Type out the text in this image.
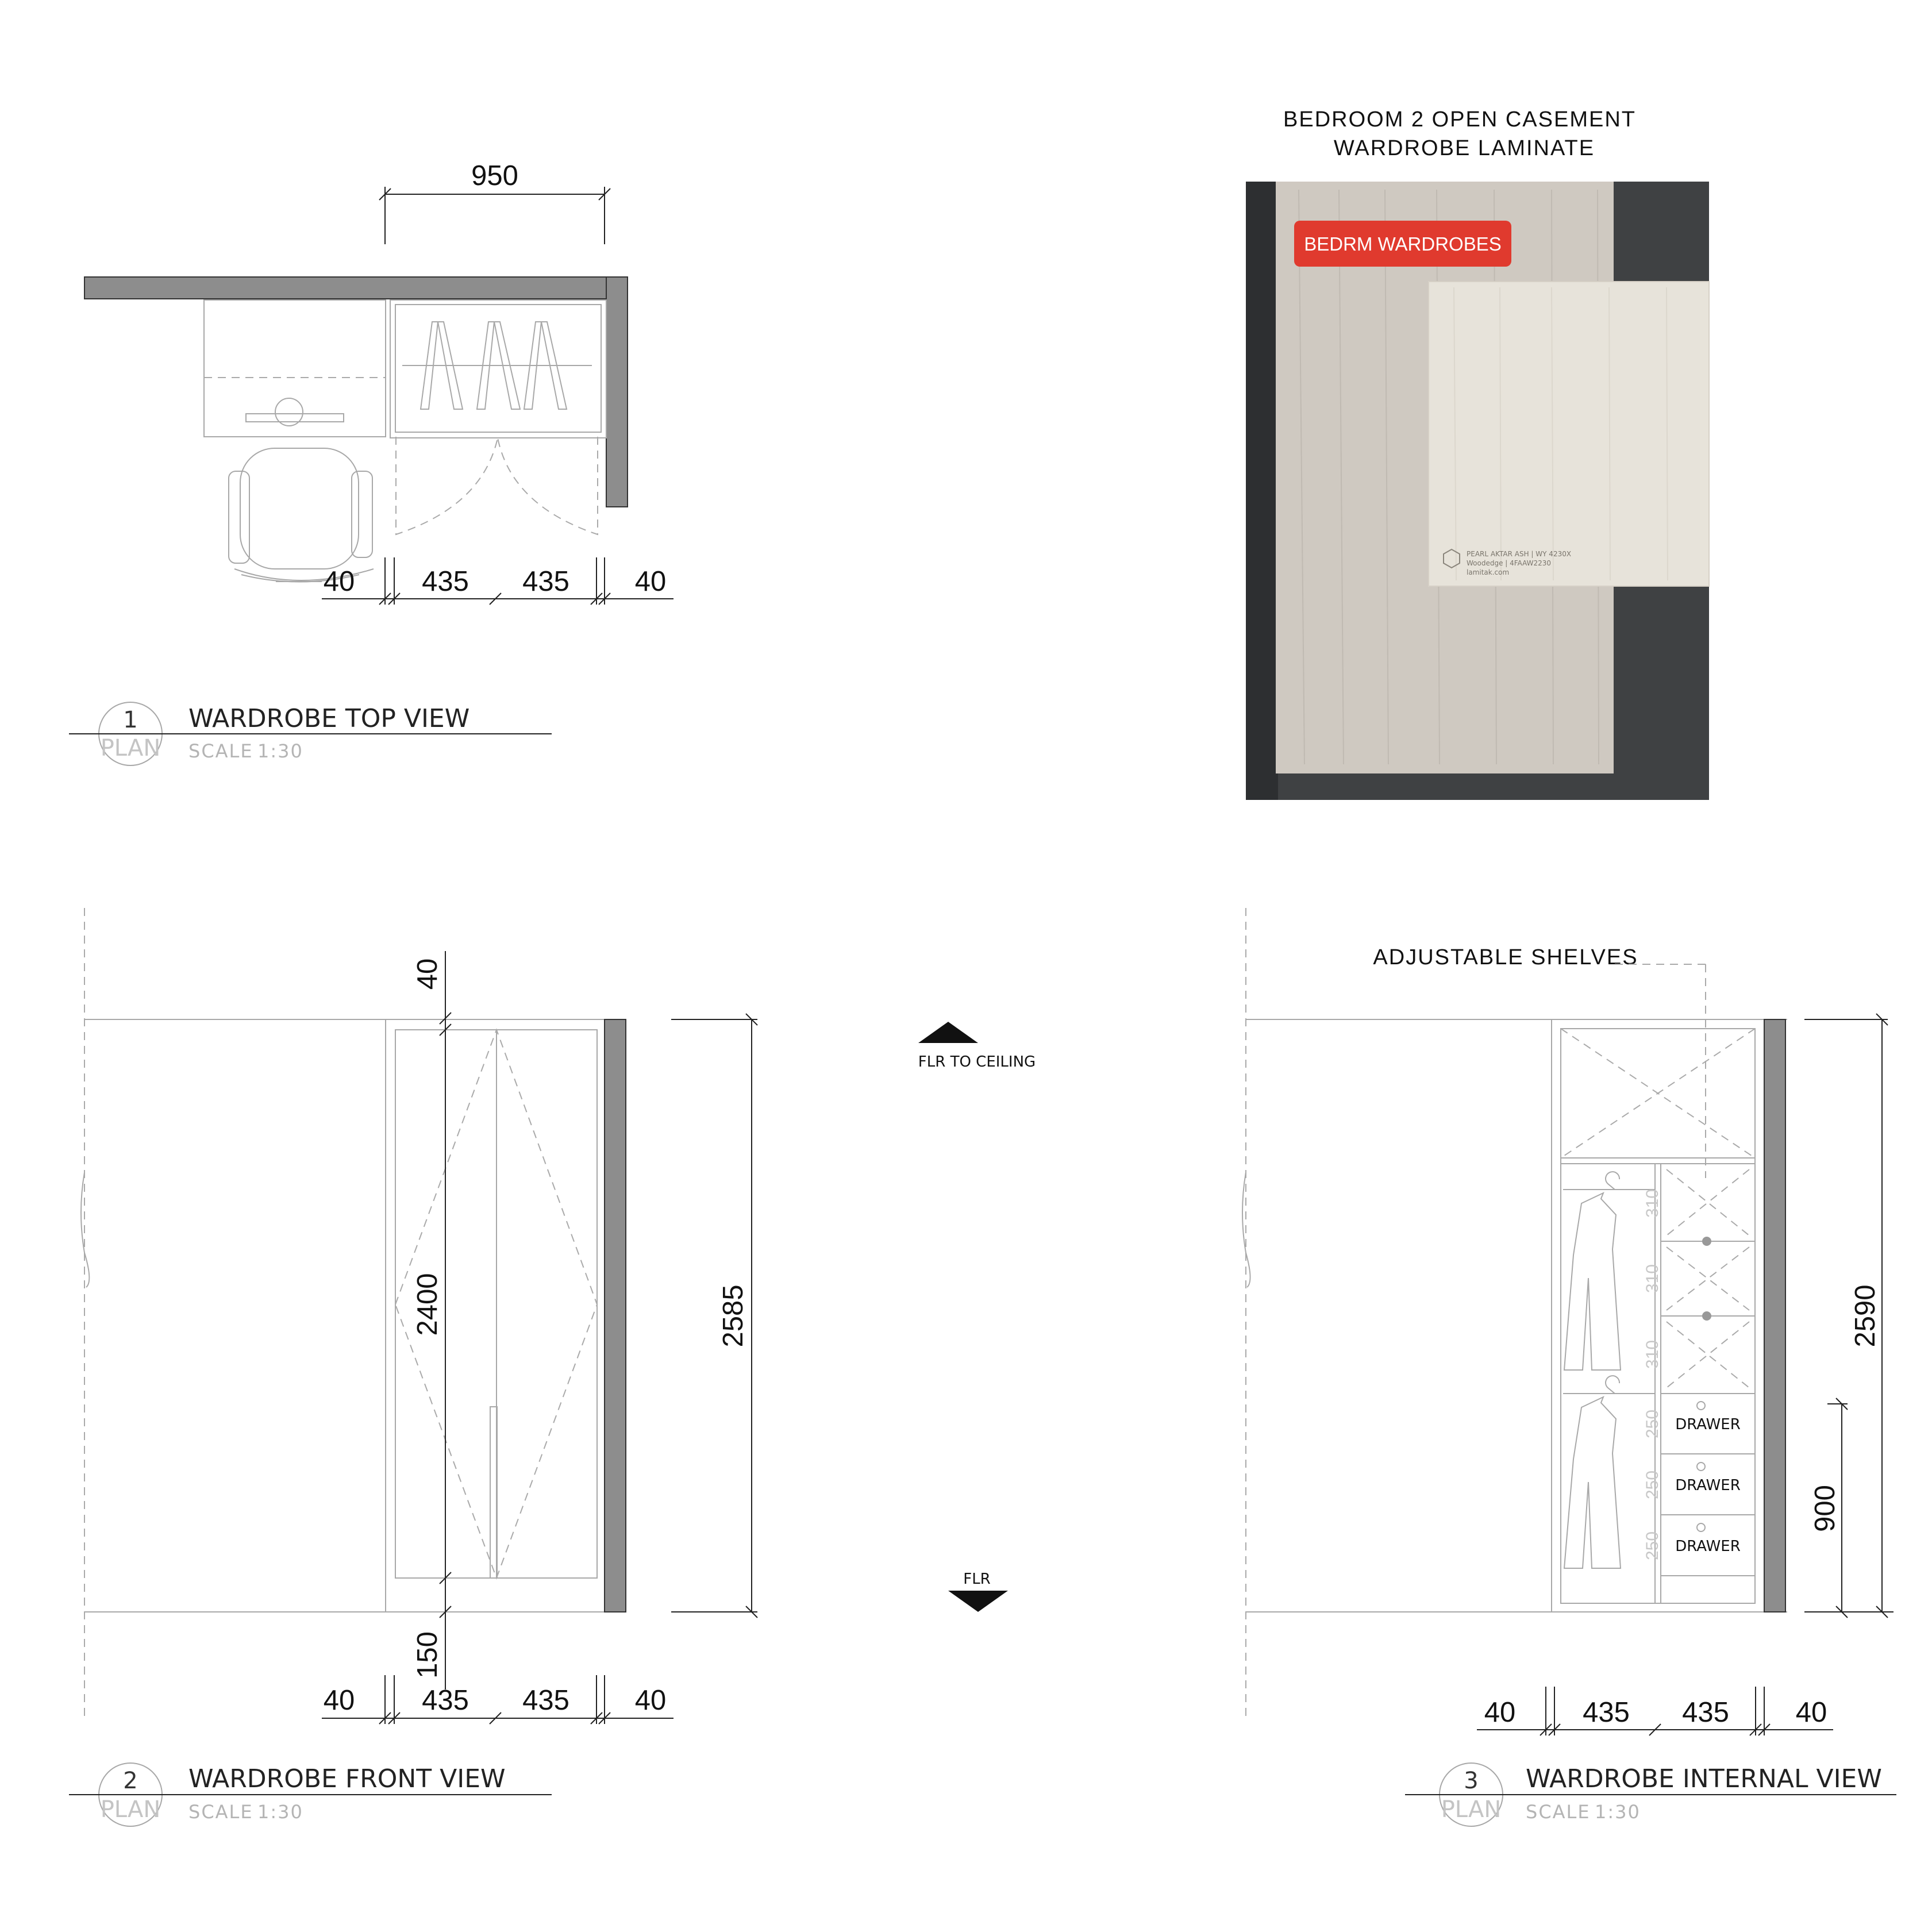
950
40 435 435 40
1
PLAN
WARDROBE TOP VIEW
SCALE 1:30
BEDROOM 2 OPEN CASEMENT
WARDROBE LAMINATE
PEARL AKTAR ASH | WY 4230X
Woodedge | 4FAAW2230
lamitak.com
BEDRM WARDROBES
40
2400
150
2585
40 435 435 40
2
PLAN
WARDROBE FRONT VIEW
SCALE 1:30
FLR TO CEILING
FLR
ADJUSTABLE SHELVES
DRAWER
DRAWER
DRAWER
310
310
310
250
250
250
2590
900
40 435 435 40
3
PLAN
WARDROBE INTERNAL VIEW
SCALE 1:30
